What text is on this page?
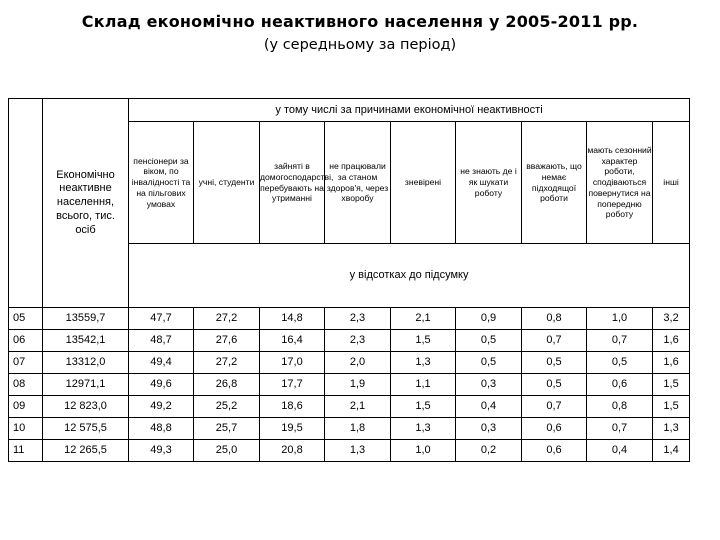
Склад економічно неактивного населення у 2005-2011 рр.
(у середньому за період)
	Економічно неактивне населення, всього, тис. осіб	у тому числі за причинами економічної неактивності								
		пенсіонери за віком, по інвалідності та на пільгових умовах	учні, студенти	зайняті в домогосподарстві, перебувають на утриманні	не працювали за станом здоров'я, через хворобу	зневірені	не знають де і як шукати роботу	вважають, що немає підходящої роботи	мають сезонний характер роботи, сподіваються повернутися на попередню роботу	інші
		у відсотках до підсумку								
05	13559,7	47,7	27,2	14,8	2,3	2,1	0,9	0,8	1,0	3,2
06	13542,1	48,7	27,6	16,4	2,3	1,5	0,5	0,7	0,7	1,6
07	13312,0	49,4	27,2	17,0	2,0	1,3	0,5	0,5	0,5	1,6
08	12971,1	49,6	26,8	17,7	1,9	1,1	0,3	0,5	0,6	1,5
09	12 823,0	49,2	25,2	18,6	2,1	1,5	0,4	0,7	0,8	1,5
10	12 575,5	48,8	25,7	19,5	1,8	1,3	0,3	0,6	0,7	1,3
11	12 265,5	49,3	25,0	20,8	1,3	1,0	0,2	0,6	0,4	1,4
